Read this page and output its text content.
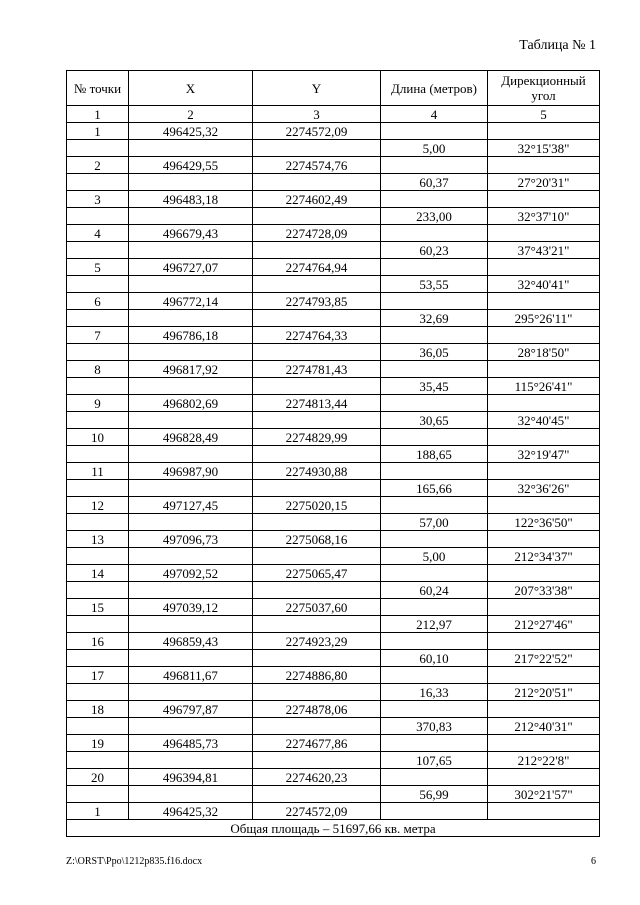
Таблица № 1
№ точки	X	Y	Длина (метров)	Дирекционный угол
1	2	3	4	5
1	496425,32	2274572,09		
			5,00	32°15'38"
2	496429,55	2274574,76		
			60,37	27°20'31"
3	496483,18	2274602,49		
			233,00	32°37'10"
4	496679,43	2274728,09		
			60,23	37°43'21"
5	496727,07	2274764,94		
			53,55	32°40'41"
6	496772,14	2274793,85		
			32,69	295°26'11"
7	496786,18	2274764,33		
			36,05	28°18'50"
8	496817,92	2274781,43		
			35,45	115°26'41"
9	496802,69	2274813,44		
			30,65	32°40'45"
10	496828,49	2274829,99		
			188,65	32°19'47"
11	496987,90	2274930,88		
			165,66	32°36'26"
12	497127,45	2275020,15		
			57,00	122°36'50"
13	497096,73	2275068,16		
			5,00	212°34'37"
14	497092,52	2275065,47		
			60,24	207°33'38"
15	497039,12	2275037,60		
			212,97	212°27'46"
16	496859,43	2274923,29		
			60,10	217°22'52"
17	496811,67	2274886,80		
			16,33	212°20'51"
18	496797,87	2274878,06		
			370,83	212°40'31"
19	496485,73	2274677,86		
			107,65	212°22'8"
20	496394,81	2274620,23		
			56,99	302°21'57"
1	496425,32	2274572,09		
Общая площадь – 51697,66 кв. метра				
Z:\ORST\Ppo\1212p835.f16.docx	6
